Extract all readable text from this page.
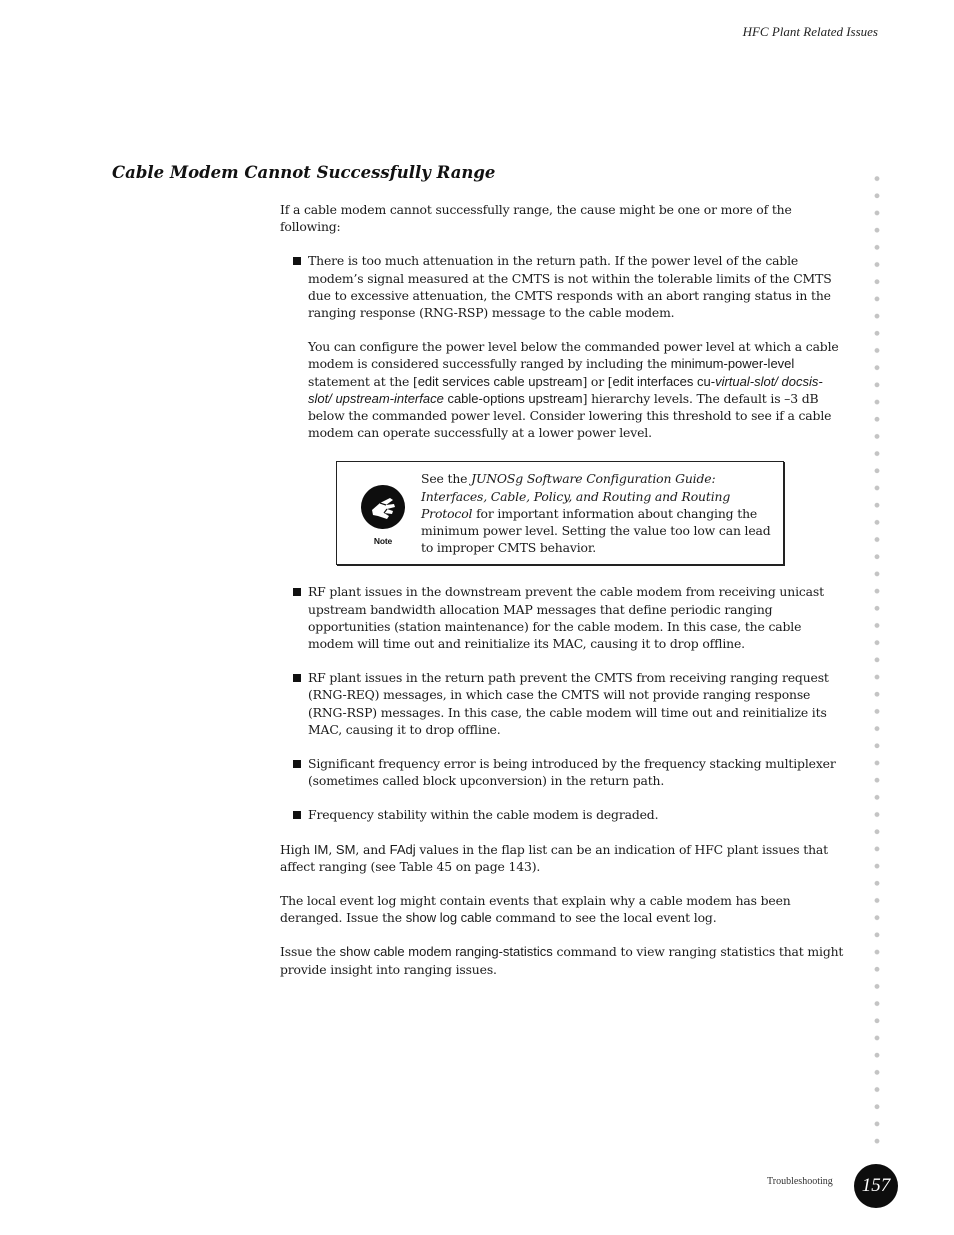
HFC Plant Related Issues
Cable Modem Cannot Successfully Range

If a cable modem cannot successfully range, the cause might be one or more of the following:

There is too much attenuation in the return path. If the power level of the cable modem’s signal measured at the CMTS is not within the tolerable limits of the CMTS due to excessive attenuation, the CMTS responds with an abort ranging status in the ranging response (RNG-RSP) message to the cable modem.

You can configure the power level below the commanded power level at which a cable modem is considered successfully ranged by including the minimum-power-level statement at the [edit services cable upstream] or [edit interfaces cu-virtual-slot/ docsis-slot/ upstream-interface cable-options upstream] hierarchy levels. The default is –3 dB below the commanded power level. Consider lowering this threshold to see if a cable modem can operate successfully at a lower power level.

Note
See the JUNOSg Software Configuration Guide: Interfaces, Cable, Policy, and Routing and Routing Protocol for important information about changing the minimum power level. Setting the value too low can lead to improper CMTS behavior.

RF plant issues in the downstream prevent the cable modem from receiving unicast upstream bandwidth allocation MAP messages that define periodic ranging opportunities (station maintenance) for the cable modem. In this case, the cable modem will time out and reinitialize its MAC, causing it to drop offline.

RF plant issues in the return path prevent the CMTS from receiving ranging request (RNG-REQ) messages, in which case the CMTS will not provide ranging response (RNG-RSP) messages. In this case, the cable modem will time out and reinitialize its MAC, causing it to drop offline.

Significant frequency error is being introduced by the frequency stacking multiplexer (sometimes called block upconversion) in the return path.

Frequency stability within the cable modem is degraded.

High IM, SM, and FAdj values in the flap list can be an indication of HFC plant issues that affect ranging (see Table 45 on page 143).

The local event log might contain events that explain why a cable modem has been deranged. Issue the show log cable command to see the local event log.

Issue the show cable modem ranging-statistics command to view ranging statistics that might provide insight into ranging issues.

Troubleshooting	157
